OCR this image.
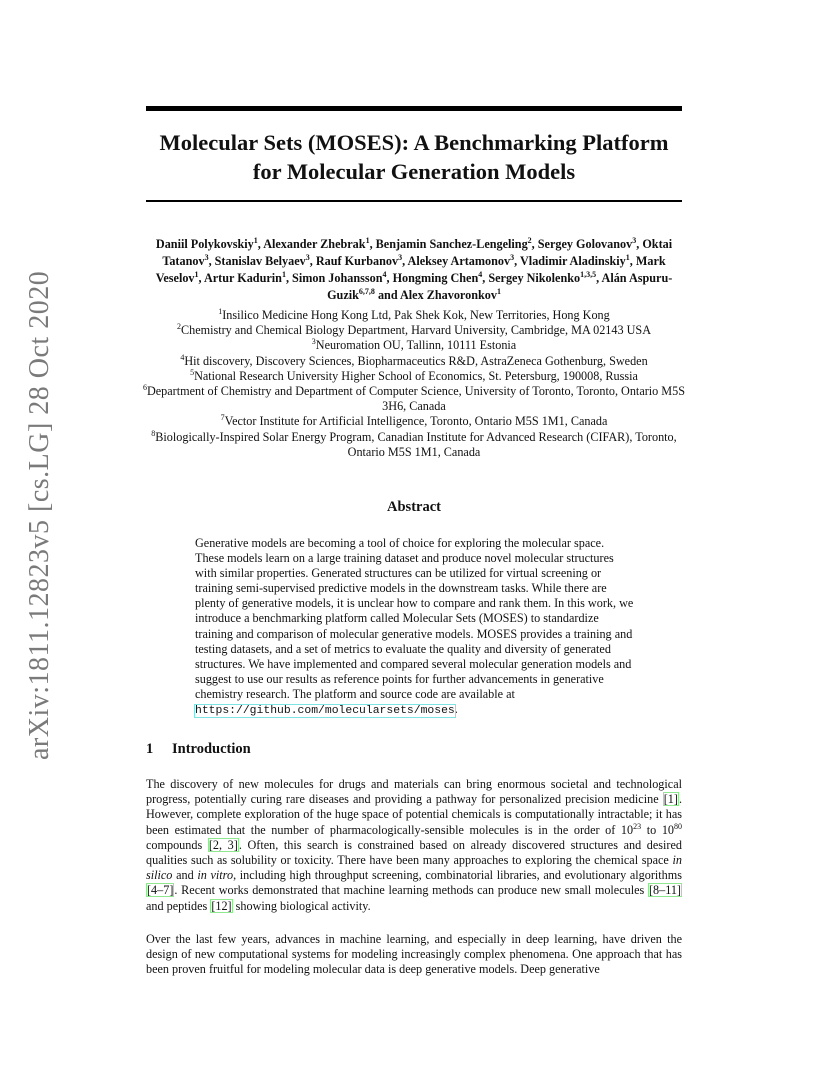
arXiv:1811.12823v5 [cs.LG] 28 Oct 2020
Molecular Sets (MOSES): A Benchmarking Platform for Molecular Generation Models

Daniil Polykovskiy$^1$, Alexander Zhebrak$^1$, Benjamin Sanchez-Lengeling$^2$, Sergey Golovanov$^3$, Oktai Tatanov$^3$, Stanislav Belyaev$^3$, Rauf Kurbanov$^3$, Aleksey Artamonov$^3$, Vladimir Aladinskiy$^1$, Mark Veselov$^1$, Artur Kadurin$^1$, Simon Johansson$^4$, Hongming Chen$^4$, Sergey Nikolenko$^{1,3,5}$, Alán Aspuru-Guzik$^{6,7,8}$ and Alex Zhavoronkov$^1$

$^1$Insilico Medicine Hong Kong Ltd, Pak Shek Kok, New Territories, Hong Kong
$^2$Chemistry and Chemical Biology Department, Harvard University, Cambridge, MA 02143 USA
$^3$Neuromation OU, Tallinn, 10111 Estonia
$^4$Hit discovery, Discovery Sciences, Biopharmaceutics R&D, AstraZeneca Gothenburg, Sweden
$^5$National Research University Higher School of Economics, St. Petersburg, 190008, Russia
$^6$Department of Chemistry and Department of Computer Science, University of Toronto, Toronto, Ontario M5S 3H6, Canada
$^7$Vector Institute for Artificial Intelligence, Toronto, Ontario M5S 1M1, Canada
$^8$Biologically-Inspired Solar Energy Program, Canadian Institute for Advanced Research (CIFAR), Toronto, Ontario M5S 1M1, Canada
Abstract

Generative models are becoming a tool of choice for exploring the molecular space. These models learn on a large training dataset and produce novel molecular structures with similar properties. Generated structures can be utilized for virtual screening or training semi-supervised predictive models in the downstream tasks. While there are plenty of generative models, it is unclear how to compare and rank them. In this work, we introduce a benchmarking platform called Molecular Sets (MOSES) to standardize training and comparison of molecular generative models. MOSES provides a training and testing datasets, and a set of metrics to evaluate the quality and diversity of generated structures. We have implemented and compared several molecular generation models and suggest to use our results as reference points for further advancements in generative chemistry research. The platform and source code are available at https://github.com/molecularsets/moses.

1 Introduction

The discovery of new molecules for drugs and materials can bring enormous societal and technological progress, potentially curing rare diseases and providing a pathway for personalized precision medicine [1]. However, complete exploration of the huge space of potential chemicals is computationally intractable; it has been estimated that the number of pharmacologically-sensible molecules is in the order of $10^{23}$ to $10^{80}$ compounds [2, 3]. Often, this search is constrained based on already discovered structures and desired qualities such as solubility or toxicity. There have been many approaches to exploring the chemical space in silico and in vitro, including high throughput screening, combinatorial libraries, and evolutionary algorithms [4–7]. Recent works demonstrated that machine learning methods can produce new small molecules [8–11] and peptides [12] showing biological activity.

Over the last few years, advances in machine learning, and especially in deep learning, have driven the design of new computational systems for modeling increasingly complex phenomena. One approach that has been proven fruitful for modeling molecular data is deep generative models. Deep generative
